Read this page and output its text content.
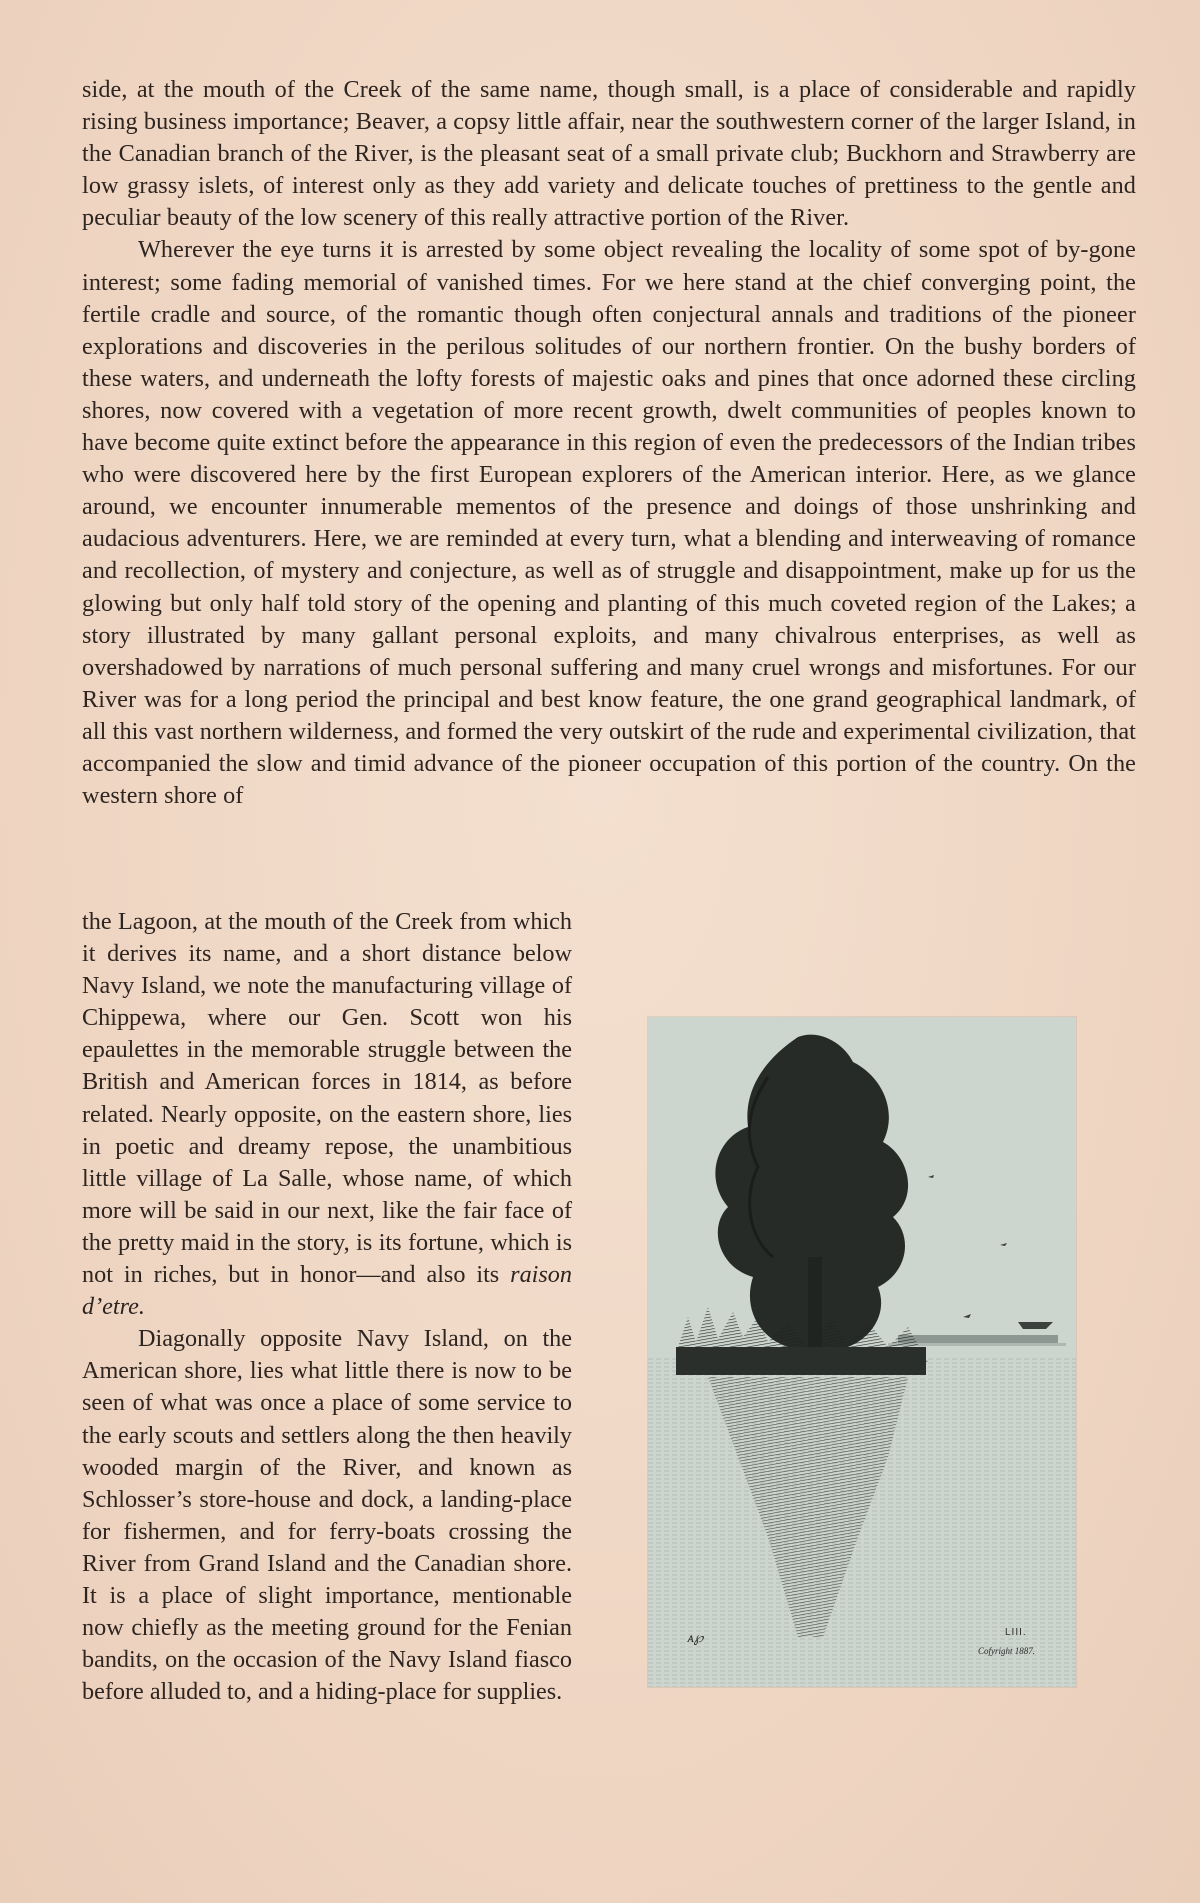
side, at the mouth of the Creek of the same name, though small, is a place of considerable and rapidly rising business importance; Beaver, a copsy little affair, near the southwestern corner of the larger Island, in the Canadian branch of the River, is the pleasant seat of a small private club; Buckhorn and Strawberry are low grassy islets, of interest only as they add variety and delicate touches of prettiness to the gentle and peculiar beauty of the low scenery of this really attractive portion of the River.

Wherever the eye turns it is arrested by some object revealing the locality of some spot of by-gone interest; some fading memorial of vanished times. For we here stand at the chief converging point, the fertile cradle and source, of the romantic though often conjectural annals and traditions of the pioneer explorations and discoveries in the perilous solitudes of our northern frontier. On the bushy borders of these waters, and underneath the lofty forests of majestic oaks and pines that once adorned these circling shores, now covered with a vegetation of more recent growth, dwelt communities of peoples known to have become quite extinct before the appearance in this region of even the predecessors of the Indian tribes who were discovered here by the first European explorers of the American interior. Here, as we glance around, we encounter innumerable mementos of the presence and doings of those unshrinking and audacious adventurers. Here, we are reminded at every turn, what a blending and interweaving of romance and recollection, of mystery and conjecture, as well as of struggle and disappointment, make up for us the glowing but only half told story of the opening and planting of this much coveted region of the Lakes; a story illustrated by many gallant personal exploits, and many chivalrous enterprises, as well as overshadowed by narrations of much personal suffering and many cruel wrongs and misfortunes. For our River was for a long period the principal and best know feature, the one grand geographical landmark, of all this vast northern wilderness, and formed the very outskirt of the rude and experimental civilization, that accompanied the slow and timid advance of the pioneer occupation of this portion of the country. On the western shore of

the Lagoon, at the mouth of the Creek from which it derives its name, and a short distance below Navy Island, we note the manufacturing village of Chippewa, where our Gen. Scott won his epaulettes in the memorable struggle between the British and American forces in 1814, as before related. Nearly opposite, on the eastern shore, lies in poetic and dreamy repose, the unambitious little village of La Salle, whose name, of which more will be said in our next, like the fair face of the pretty maid in the story, is its fortune, which is not in riches, but in honor—and also its raison d’etre.

Diagonally opposite Navy Island, on the American shore, lies what little there is now to be seen of what was once a place of some service to the early scouts and settlers along the then heavily wooded margin of the River, and known as Schlosser’s store-house and dock, a landing-place for fishermen, and for ferry-boats crossing the River from Grand Island and the Canadian shore. It is a place of slight importance, mentionable now chiefly as the meeting ground for the Fenian bandits, on the occasion of the Navy Island fiasco before alluded to, and a hiding-place for supplies.

ᴀ℘	LIII.
Cofyright 1887.
